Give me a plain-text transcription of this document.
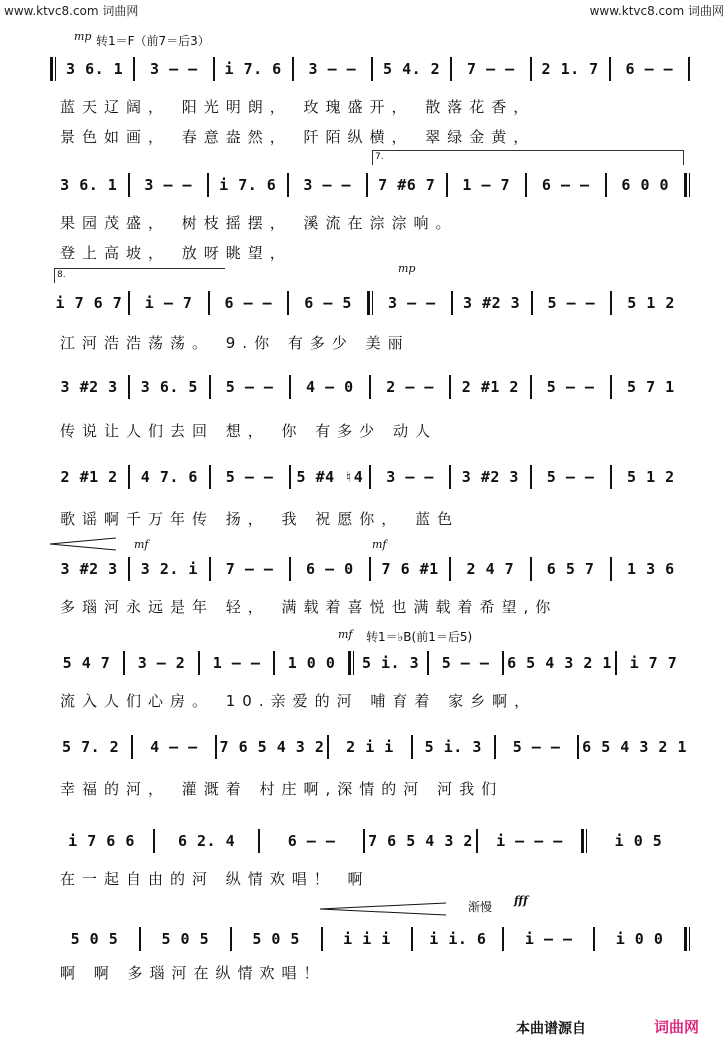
www.ktvc8.com 词曲网	www.ktvc8.com 词曲网
mp 转1＝F（前7＝后3）
3 6. 1	3 – –	i 7. 6	3 – –	5 4. 2	7 – –	2 1. 7	6 – –
蓝天辽阔， 阳光明朗， 玫瑰盛开， 散落花香，
景色如画， 春意盎然， 阡陌纵横， 翠绿金黄，
7.
3 6. 1	3 – –	i 7. 6	3 – –	7 #6 7	1 – 7	6 – –	6 0 0
果园茂盛， 树枝摇摆， 溪流在淙淙响。
登上高坡， 放呀眺望，
8.	mp
i 7 6 7	i – 7	6 – –	6 – 5	3 – –	3 #2 3	5 – –	5 1 2
江河浩浩荡荡。 9.你 有多少 美丽
3 #2 3	3 6. 5	5 – –	4 – 0	2 – –	2 #1 2	5 – –	5 7 1
传说让人们去回 想， 你 有多少 动人
2 #1 2	4 7. 6	5 – –	5 #4 ♮4	3 – –	3 #2 3	5 – –	5 1 2
歌谣啊千万年传 扬， 我 祝愿你， 蓝色
mf	mf
3 #2 3	3 2. i	7 – –	6 – 0	7 6 #1	2 4 7	6 5 7	1 3 6
多瑙河永远是年 轻， 满载着喜悦也满载着希望,你
mf 转1＝♭B(前1＝后5)
5 4 7	3 – 2	1 – –	1 0 0	5 i. 3	5 – –	6 5 4 3 2 1	i 7 7
流入人们心房。 10.亲爱的河 哺育着 家乡啊，
5 7. 2	4 – –	7 6 5 4 3 2	2 i i	5 i. 3	5 – –	6 5 4 3 2 1
幸福的河， 灌溉着 村庄啊,深情的河 河我们
i 7 6 6	6 2. 4	6 – –	7 6 5 4 3 2	i – – –	i 0 5
在一起自由的河 纵情欢唱！ 啊
渐慢 fff
5 0 5	5 0 5	5 0 5	i i i	i i. 6	i – –	i 0 0
啊 啊 多瑙河在纵情欢唱！
本曲谱源自	词曲网
